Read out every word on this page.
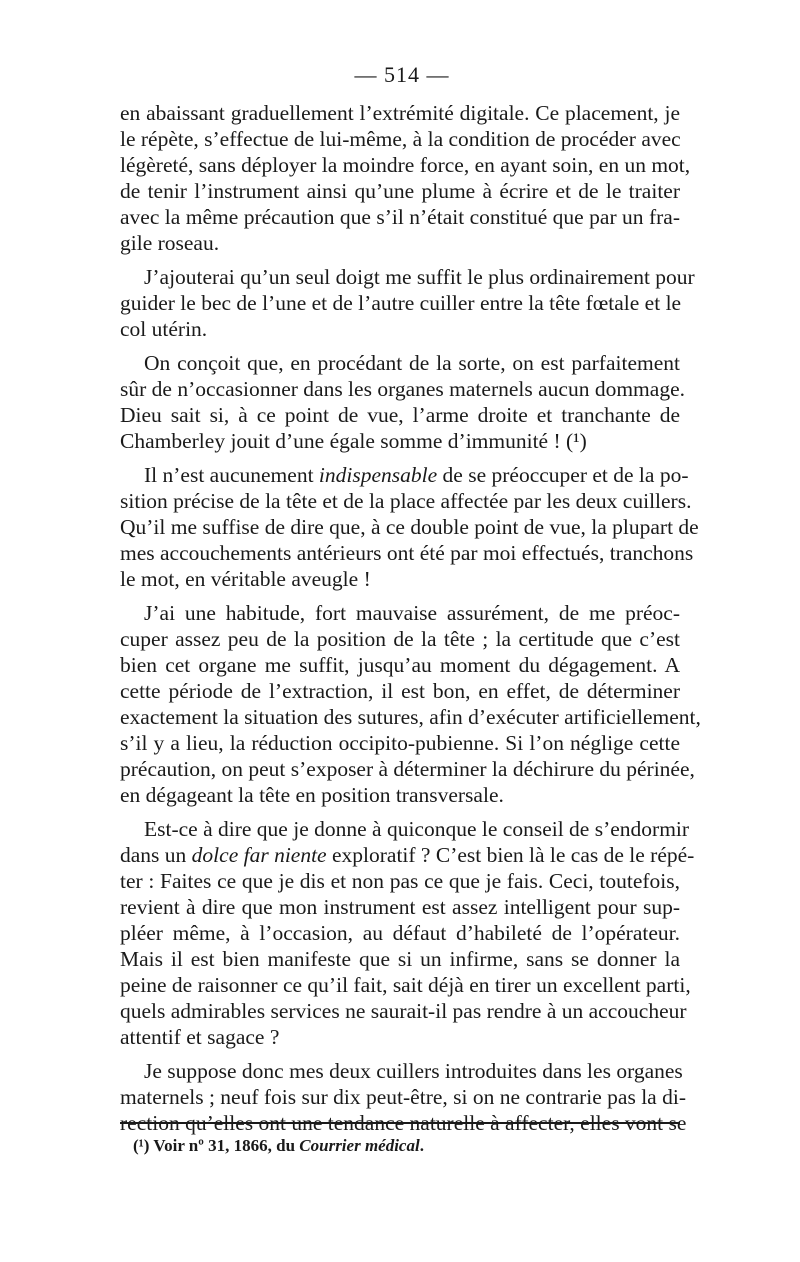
— 514 —

en abaissant graduellement l’extrémité digitale. Ce placement, je
le répète, s’effectue de lui-même, à la condition de procéder avec
légèreté, sans déployer la moindre force, en ayant soin, en un mot,
de tenir l’instrument ainsi qu’une plume à écrire et de le traiter
avec la même précaution que s’il n’était constitué que par un fra-
gile roseau.

J’ajouterai qu’un seul doigt me suffit le plus ordinairement pour
guider le bec de l’une et de l’autre cuiller entre la tête fœtale et le
col utérin.

On conçoit que, en procédant de la sorte, on est parfaitement
sûr de n’occasionner dans les organes maternels aucun dommage.
Dieu sait si, à ce point de vue, l’arme droite et tranchante de
Chamberley jouit d’une égale somme d’immunité ! (¹)

Il n’est aucunement indispensable de se préoccuper et de la po-
sition précise de la tête et de la place affectée par les deux cuillers.
Qu’il me suffise de dire que, à ce double point de vue, la plupart de
mes accouchements antérieurs ont été par moi effectués, tranchons
le mot, en véritable aveugle !

J’ai une habitude, fort mauvaise assurément, de me préoc-
cuper assez peu de la position de la tête ; la certitude que c’est
bien cet organe me suffit, jusqu’au moment du dégagement. A
cette période de l’extraction, il est bon, en effet, de déterminer
exactement la situation des sutures, afin d’exécuter artificiellement,
s’il y a lieu, la réduction occipito-pubienne. Si l’on néglige cette
précaution, on peut s’exposer à déterminer la déchirure du périnée,
en dégageant la tête en position transversale.

Est-ce à dire que je donne à quiconque le conseil de s’endormir
dans un dolce far niente exploratif ? C’est bien là le cas de le répé-
ter : Faites ce que je dis et non pas ce que je fais. Ceci, toutefois,
revient à dire que mon instrument est assez intelligent pour sup-
pléer même, à l’occasion, au défaut d’habileté de l’opérateur.
Mais il est bien manifeste que si un infirme, sans se donner la
peine de raisonner ce qu’il fait, sait déjà en tirer un excellent parti,
quels admirables services ne saurait-il pas rendre à un accoucheur
attentif et sagace ?

Je suppose donc mes deux cuillers introduites dans les organes
maternels ; neuf fois sur dix peut-être, si on ne contrarie pas la di-
rection qu’elles ont une tendance naturelle à affecter, elles vont se

(¹) Voir nº 31, 1866, du Courrier médical.
